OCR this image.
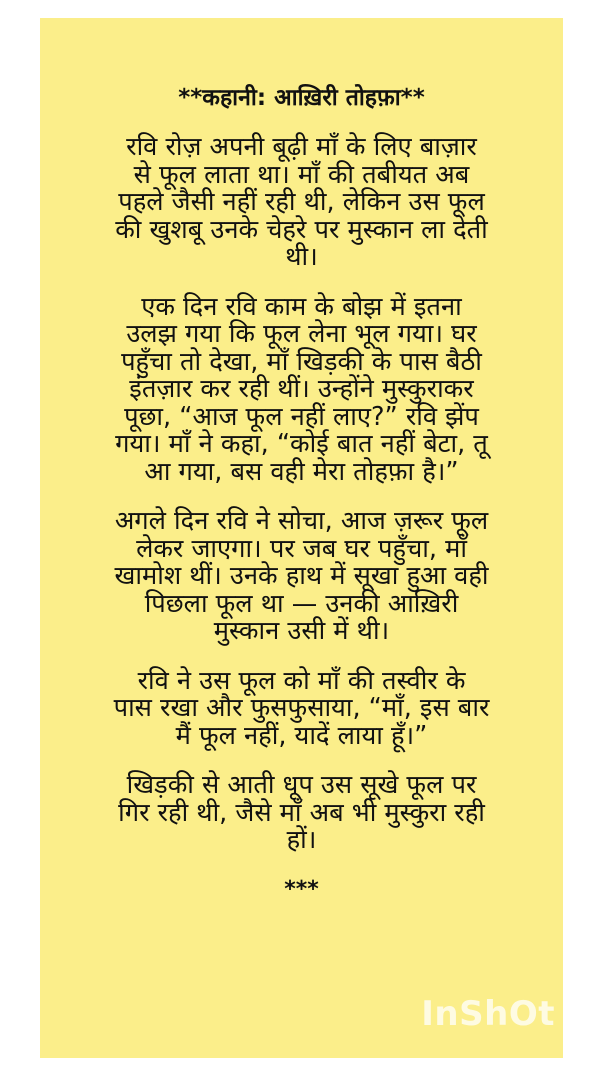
**कहानी: आख़िरी तोहफ़ा**
रवि रोज़ अपनी बूढ़ी माँ के लिए बाज़ार
से फूल लाता था। माँ की तबीयत अब
पहले जैसी नहीं रही थी, लेकिन उस फूल
की खुशबू उनके चेहरे पर मुस्कान ला देती
थी।
एक दिन रवि काम के बोझ में इतना
उलझ गया कि फूल लेना भूल गया। घर
पहुँचा तो देखा, माँ खिड़की के पास बैठी
इंतज़ार कर रही थीं। उन्होंने मुस्कुराकर
पूछा, “आज फूल नहीं लाए?” रवि झेंप
गया। माँ ने कहा, “कोई बात नहीं बेटा, तू
आ गया, बस वही मेरा तोहफ़ा है।”
अगले दिन रवि ने सोचा, आज ज़रूर फूल
लेकर जाएगा। पर जब घर पहुँचा, माँ
खामोश थीं। उनके हाथ में सूखा हुआ वही
पिछला फूल था — उनकी आख़िरी
मुस्कान उसी में थी।
रवि ने उस फूल को माँ की तस्वीर के
पास रखा और फुसफुसाया, “माँ, इस बार
मैं फूल नहीं, यादें लाया हूँ।”
खिड़की से आती धूप उस सूखे फूल पर
गिर रही थी, जैसे माँ अब भी मुस्कुरा रही
हों।
***
InShOt
